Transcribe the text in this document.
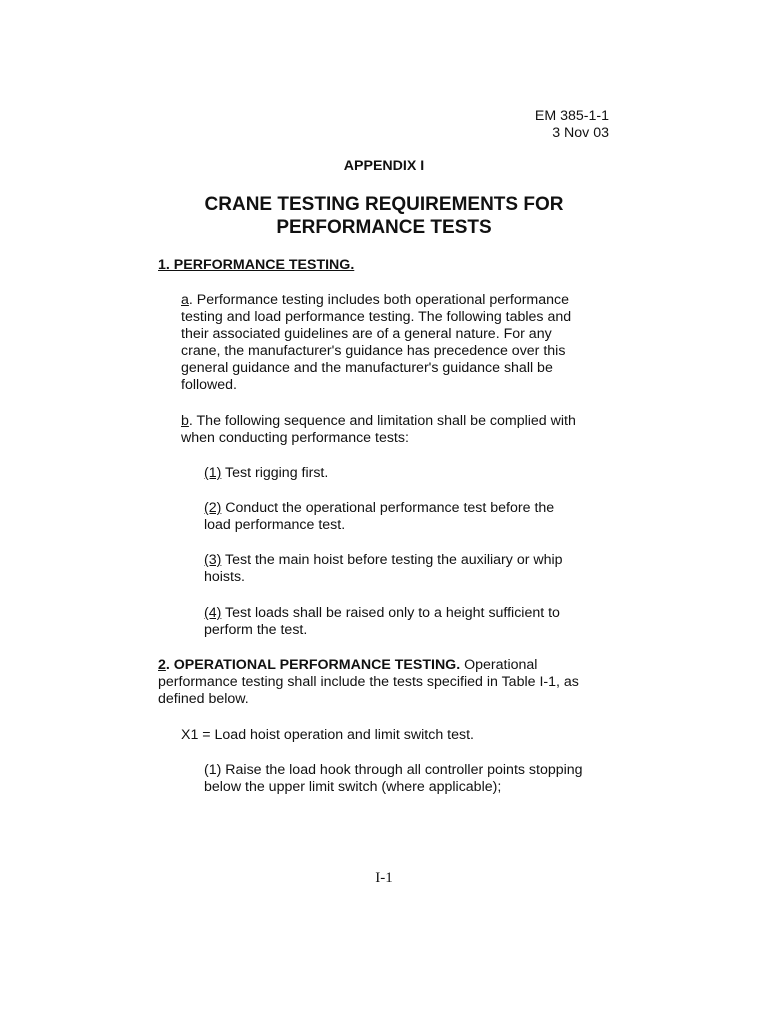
EM 385-1-1
3 Nov 03
APPENDIX I
CRANE TESTING REQUIREMENTS FOR
PERFORMANCE TESTS
1. PERFORMANCE TESTING.
a. Performance testing includes both operational performance
testing and load performance testing. The following tables and
their associated guidelines are of a general nature. For any
crane, the manufacturer's guidance has precedence over this
general guidance and the manufacturer's guidance shall be
followed.
b. The following sequence and limitation shall be complied with
when conducting performance tests:
(1) Test rigging first.
(2) Conduct the operational performance test before the
load performance test.
(3) Test the main hoist before testing the auxiliary or whip
hoists.
(4) Test loads shall be raised only to a height sufficient to
perform the test.
2. OPERATIONAL PERFORMANCE TESTING. Operational
performance testing shall include the tests specified in Table I-1, as
defined below.
X1 = Load hoist operation and limit switch test.
(1) Raise the load hook through all controller points stopping
below the upper limit switch (where applicable);
I-1
